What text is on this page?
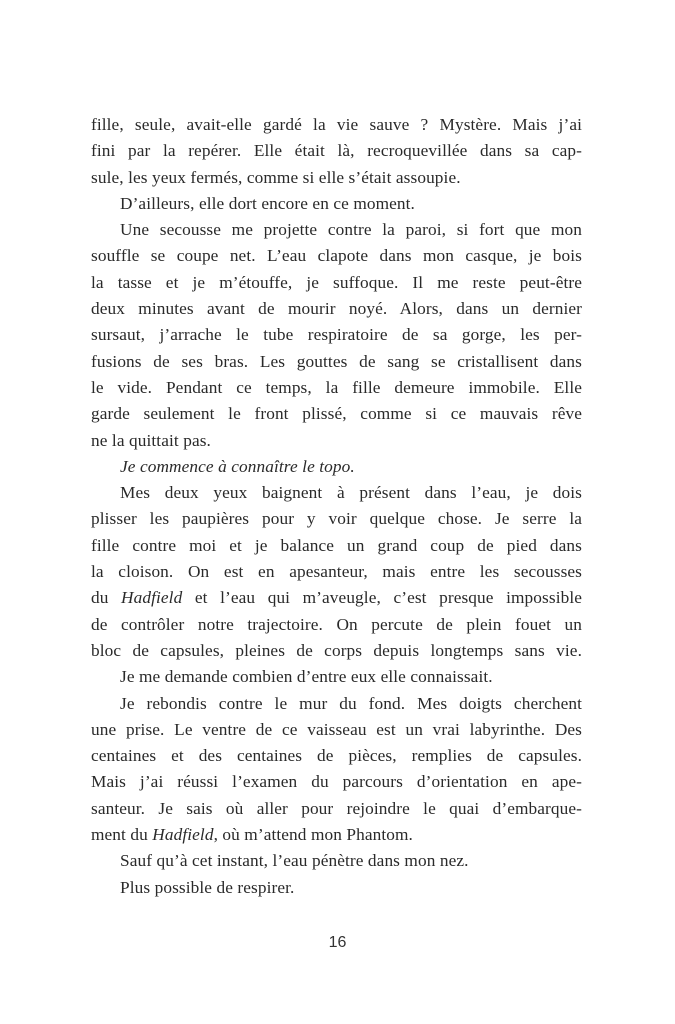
fille, seule, avait-elle gardé la vie sauve ? Mystère. Mais j’ai
fini par la repérer. Elle était là, recroquevillée dans sa cap-
sule, les yeux fermés, comme si elle s’était assoupie.
D’ailleurs, elle dort encore en ce moment.
Une secousse me projette contre la paroi, si fort que mon
souffle se coupe net. L’eau clapote dans mon casque, je bois
la tasse et je m’étouffe, je suffoque. Il me reste peut-être
deux minutes avant de mourir noyé. Alors, dans un dernier
sursaut, j’arrache le tube respiratoire de sa gorge, les per-
fusions de ses bras. Les gouttes de sang se cristallisent dans
le vide. Pendant ce temps, la fille demeure immobile. Elle
garde seulement le front plissé, comme si ce mauvais rêve
ne la quittait pas.
Je commence à connaître le topo.
Mes deux yeux baignent à présent dans l’eau, je dois
plisser les paupières pour y voir quelque chose. Je serre la
fille contre moi et je balance un grand coup de pied dans
la cloison. On est en apesanteur, mais entre les secousses
du Hadfield et l’eau qui m’aveugle, c’est presque impossible
de contrôler notre trajectoire. On percute de plein fouet un
bloc de capsules, pleines de corps depuis longtemps sans vie.
Je me demande combien d’entre eux elle connaissait.
Je rebondis contre le mur du fond. Mes doigts cherchent
une prise. Le ventre de ce vaisseau est un vrai labyrinthe. Des
centaines et des centaines de pièces, remplies de capsules.
Mais j’ai réussi l’examen du parcours d’orientation en ape-
santeur. Je sais où aller pour rejoindre le quai d’embarque-
ment du Hadfield, où m’attend mon Phantom.
Sauf qu’à cet instant, l’eau pénètre dans mon nez.
Plus possible de respirer.
16
